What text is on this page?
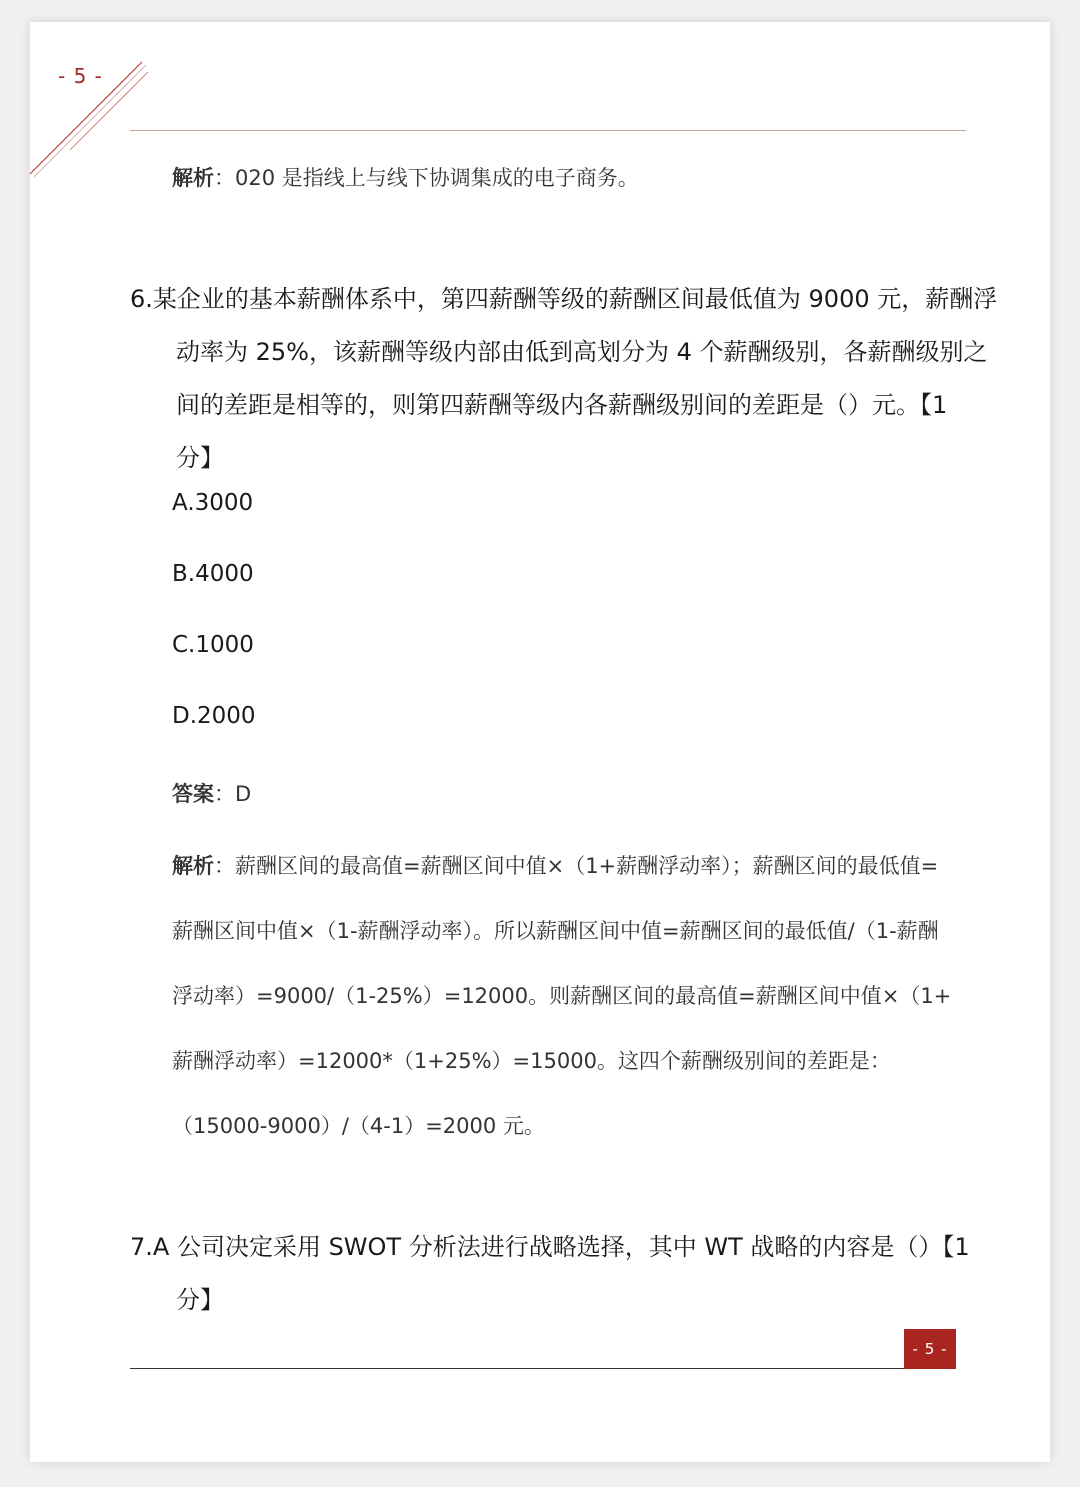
- 5 -
解析：020 是指线上与线下协调集成的电子商务。
6.某企业的基本薪酬体系中，第四薪酬等级的薪酬区间最低值为 9000 元，薪酬浮
动率为 25%，该薪酬等级内部由低到高划分为 4 个薪酬级别，各薪酬级别之
间的差距是相等的，则第四薪酬等级内各薪酬级别间的差距是（）元。【1
分】
A.3000
B.4000
C.1000
D.2000
答案：D
解析：薪酬区间的最高值=薪酬区间中值×（1+薪酬浮动率）；薪酬区间的最低值=
薪酬区间中值×（1-薪酬浮动率）。所以薪酬区间中值=薪酬区间的最低值/（1-薪酬
浮动率）=9000/（1-25%）=12000。则薪酬区间的最高值=薪酬区间中值×（1+
薪酬浮动率）=12000*（1+25%）=15000。这四个薪酬级别间的差距是：
（15000-9000）/（4-1）=2000 元。
7.A 公司决定采用 SWOT 分析法进行战略选择，其中 WT 战略的内容是（）【1
分】
- 5 -
